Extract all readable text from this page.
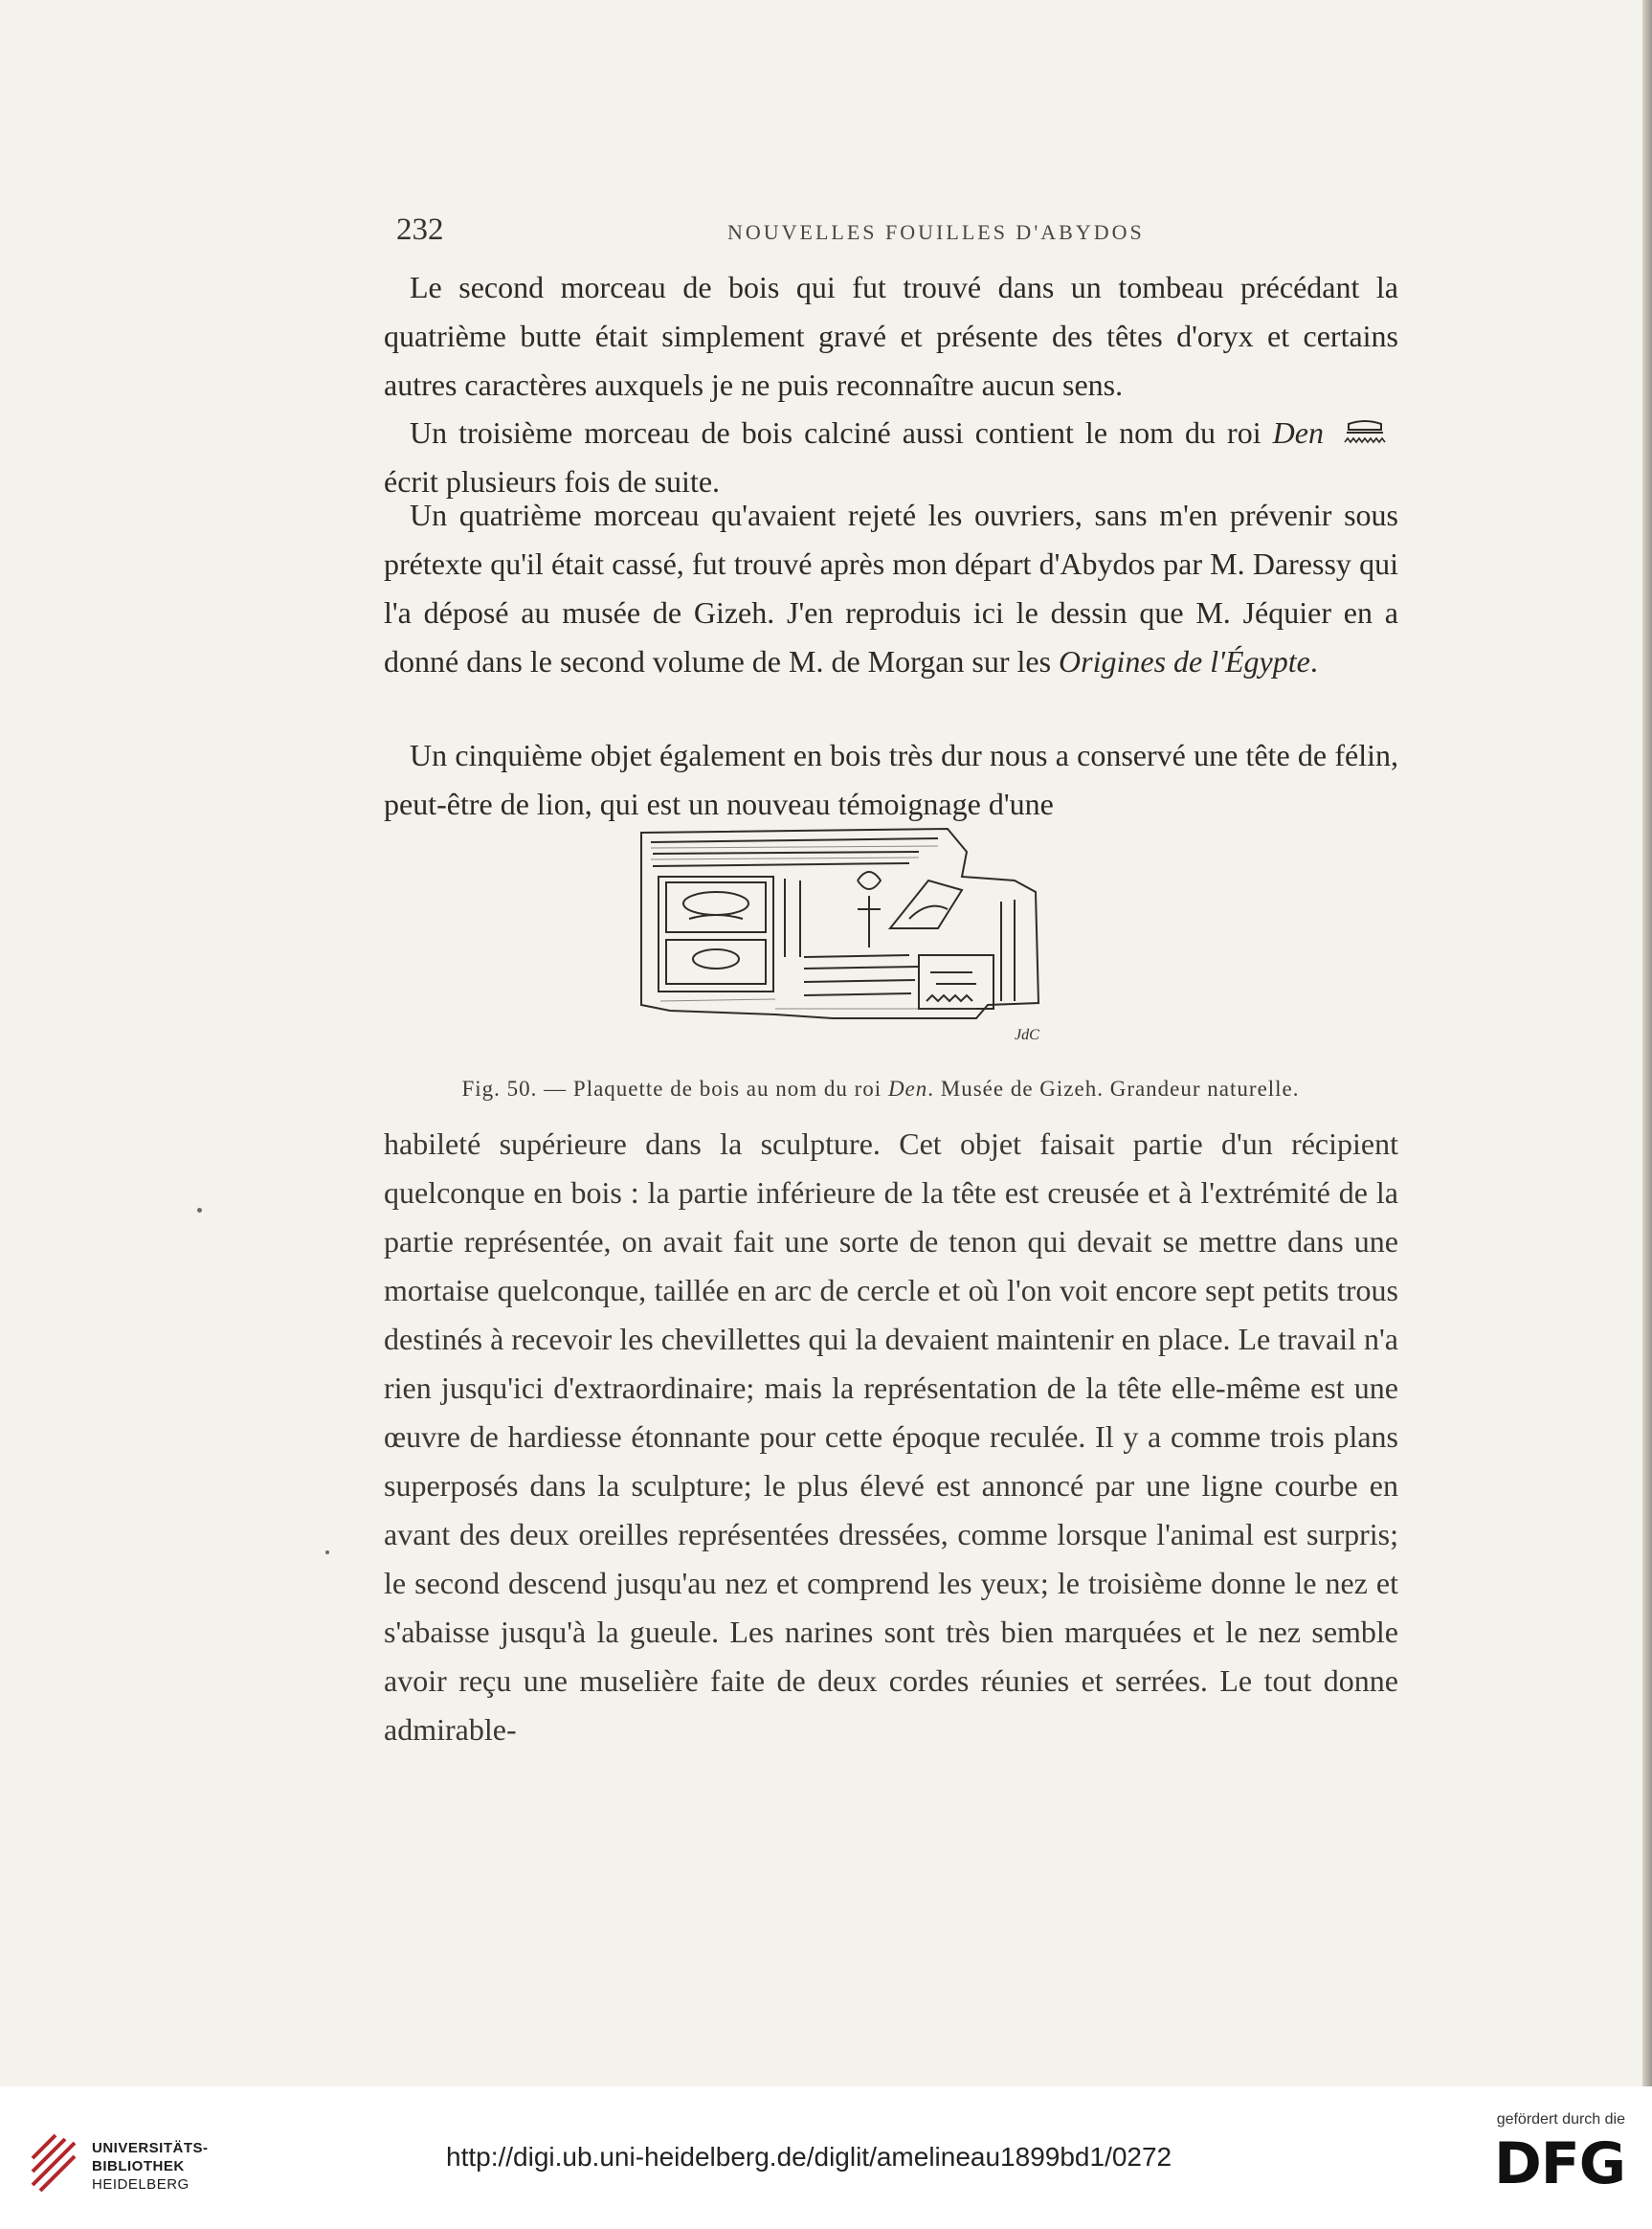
232	NOUVELLES FOUILLES D'ABYDOS

Le second morceau de bois qui fut trouvé dans un tombeau précédant la quatrième butte était simplement gravé et présente des têtes d'oryx et certains autres caractères auxquels je ne puis reconnaître aucun sens.

Un troisième morceau de bois calciné aussi contient le nom du roi Den  écrit plusieurs fois de suite.

Un quatrième morceau qu'avaient rejeté les ouvriers, sans m'en prévenir sous prétexte qu'il était cassé, fut trouvé après mon départ d'Abydos par M. Daressy qui l'a déposé au musée de Gizeh. J'en reproduis ici le dessin que M. Jéquier en a donné dans le second volume de M. de Morgan sur les Origines de l'Égypte.

Un cinquième objet également en bois très dur nous a conservé une tête de félin, peut-être de lion, qui est un nouveau témoignage d'une

JdC

Fig. 50. — Plaquette de bois au nom du roi Den. Musée de Gizeh. Grandeur naturelle.

habileté supérieure dans la sculpture. Cet objet faisait partie d'un récipient quelconque en bois : la partie inférieure de la tête est creusée et à l'extrémité de la partie représentée, on avait fait une sorte de tenon qui devait se mettre dans une mortaise quelconque, taillée en arc de cercle et où l'on voit encore sept petits trous destinés à recevoir les chevillettes qui la devaient maintenir en place. Le travail n'a rien jusqu'ici d'extraordinaire; mais la représentation de la tête elle-même est une œuvre de hardiesse étonnante pour cette époque reculée. Il y a comme trois plans superposés dans la sculpture; le plus élevé est annoncé par une ligne courbe en avant des deux oreilles représentées dressées, comme lorsque l'animal est surpris; le second descend jusqu'au nez et comprend les yeux; le troisième donne le nez et s'abaisse jusqu'à la gueule. Les narines sont très bien marquées et le nez semble avoir reçu une muselière faite de deux cordes réunies et serrées. Le tout donne admirable-

UNIVERSITÄTS-
BIBLIOTHEK
HEIDELBERG
http://digi.ub.uni-heidelberg.de/diglit/amelineau1899bd1/0272
gefördert durch die
DFG
